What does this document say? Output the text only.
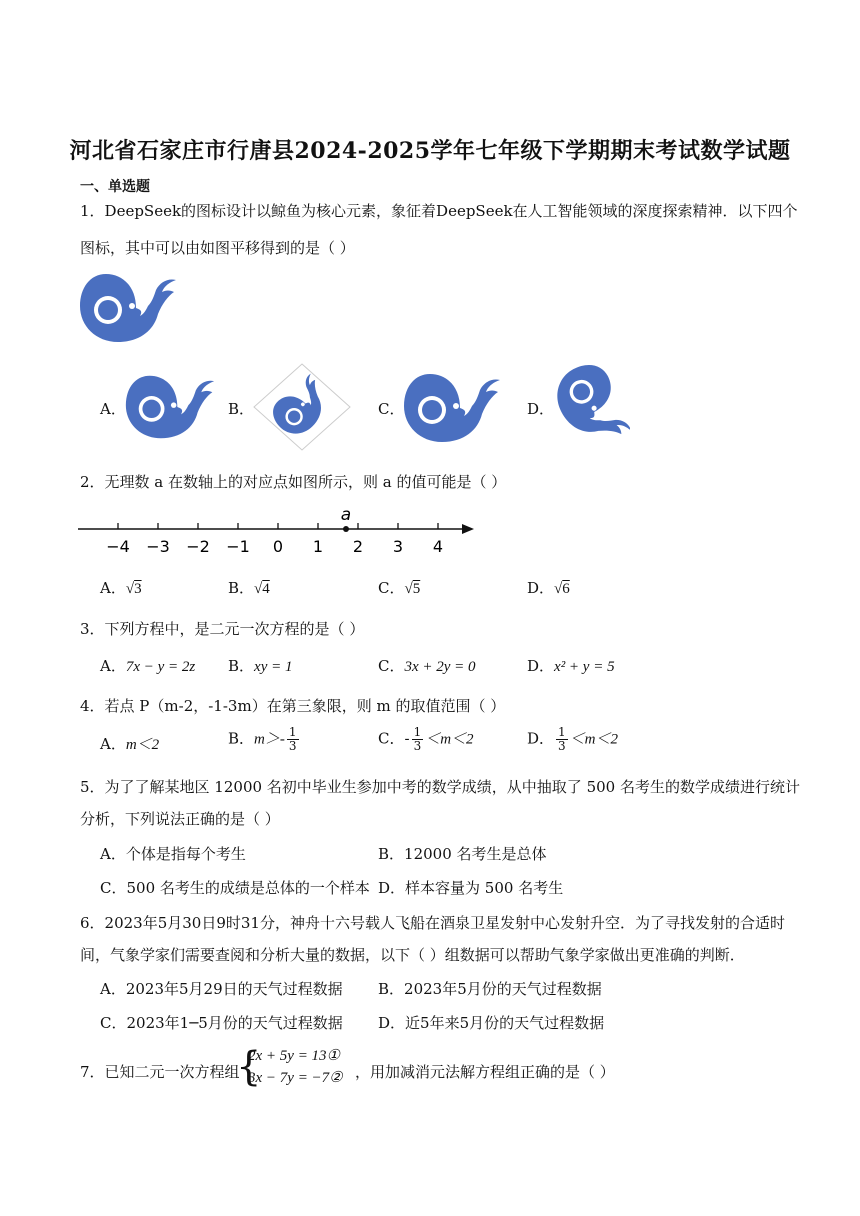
河北省石家庄市行唐县2024-2025学年七年级下学期期末考试数学试题
一、单选题
1．DeepSeek的图标设计以鲸鱼为核心元素，象征着DeepSeek在人工智能领域的深度探索精神．以下四个
图标，其中可以由如图平移得到的是（ ）
A．	B．	C．	D．
2．无理数 a 在数轴上的对应点如图所示，则 a 的值可能是（ ）
−4 −3 −2 −1 0 1 2 3 4
a
A．√3	B．√4	C．√5	D．√6
3．下列方程中，是二元一次方程的是（ ）
A．7x − y = 2z B．xy = 1	C．3x + 2y = 0	D．x² + y = 5
4．若点 P（m-2，-1-3m）在第三象限，则 m 的取值范围（ ）
A．m＜2	B．$m>- \frac{1}{3}$	C．- $\frac{1}{3} <m<2$	D． $\frac{1}{3} <m<2$
5．为了了解某地区 12000 名初中毕业生参加中考的数学成绩，从中抽取了 500 名考生的数学成绩进行统计
分析，下列说法正确的是（ ）
A．个体是指每个考生	B．12000 名考生是总体
C．500 名考生的成绩是总体的一个样本 D．样本容量为 500 名考生
6．2023年5月30日9时31分，神舟十六号载人飞船在酒泉卫星发射中心发射升空．为了寻找发射的合适时
间，气象学家们需要查阅和分析大量的数据，以下（ ）组数据可以帮助气象学家做出更准确的判断．
A．2023年5月29日的天气过程数据 B．2023年5月份的天气过程数据
C．2023年1─5月份的天气过程数据 D．近5年来5月份的天气过程数据
7．已知二元一次方程组
{
2x + 5y = 13①
3x − 7y = −7② ，用加减消元法解方程组正确的是（ ）
